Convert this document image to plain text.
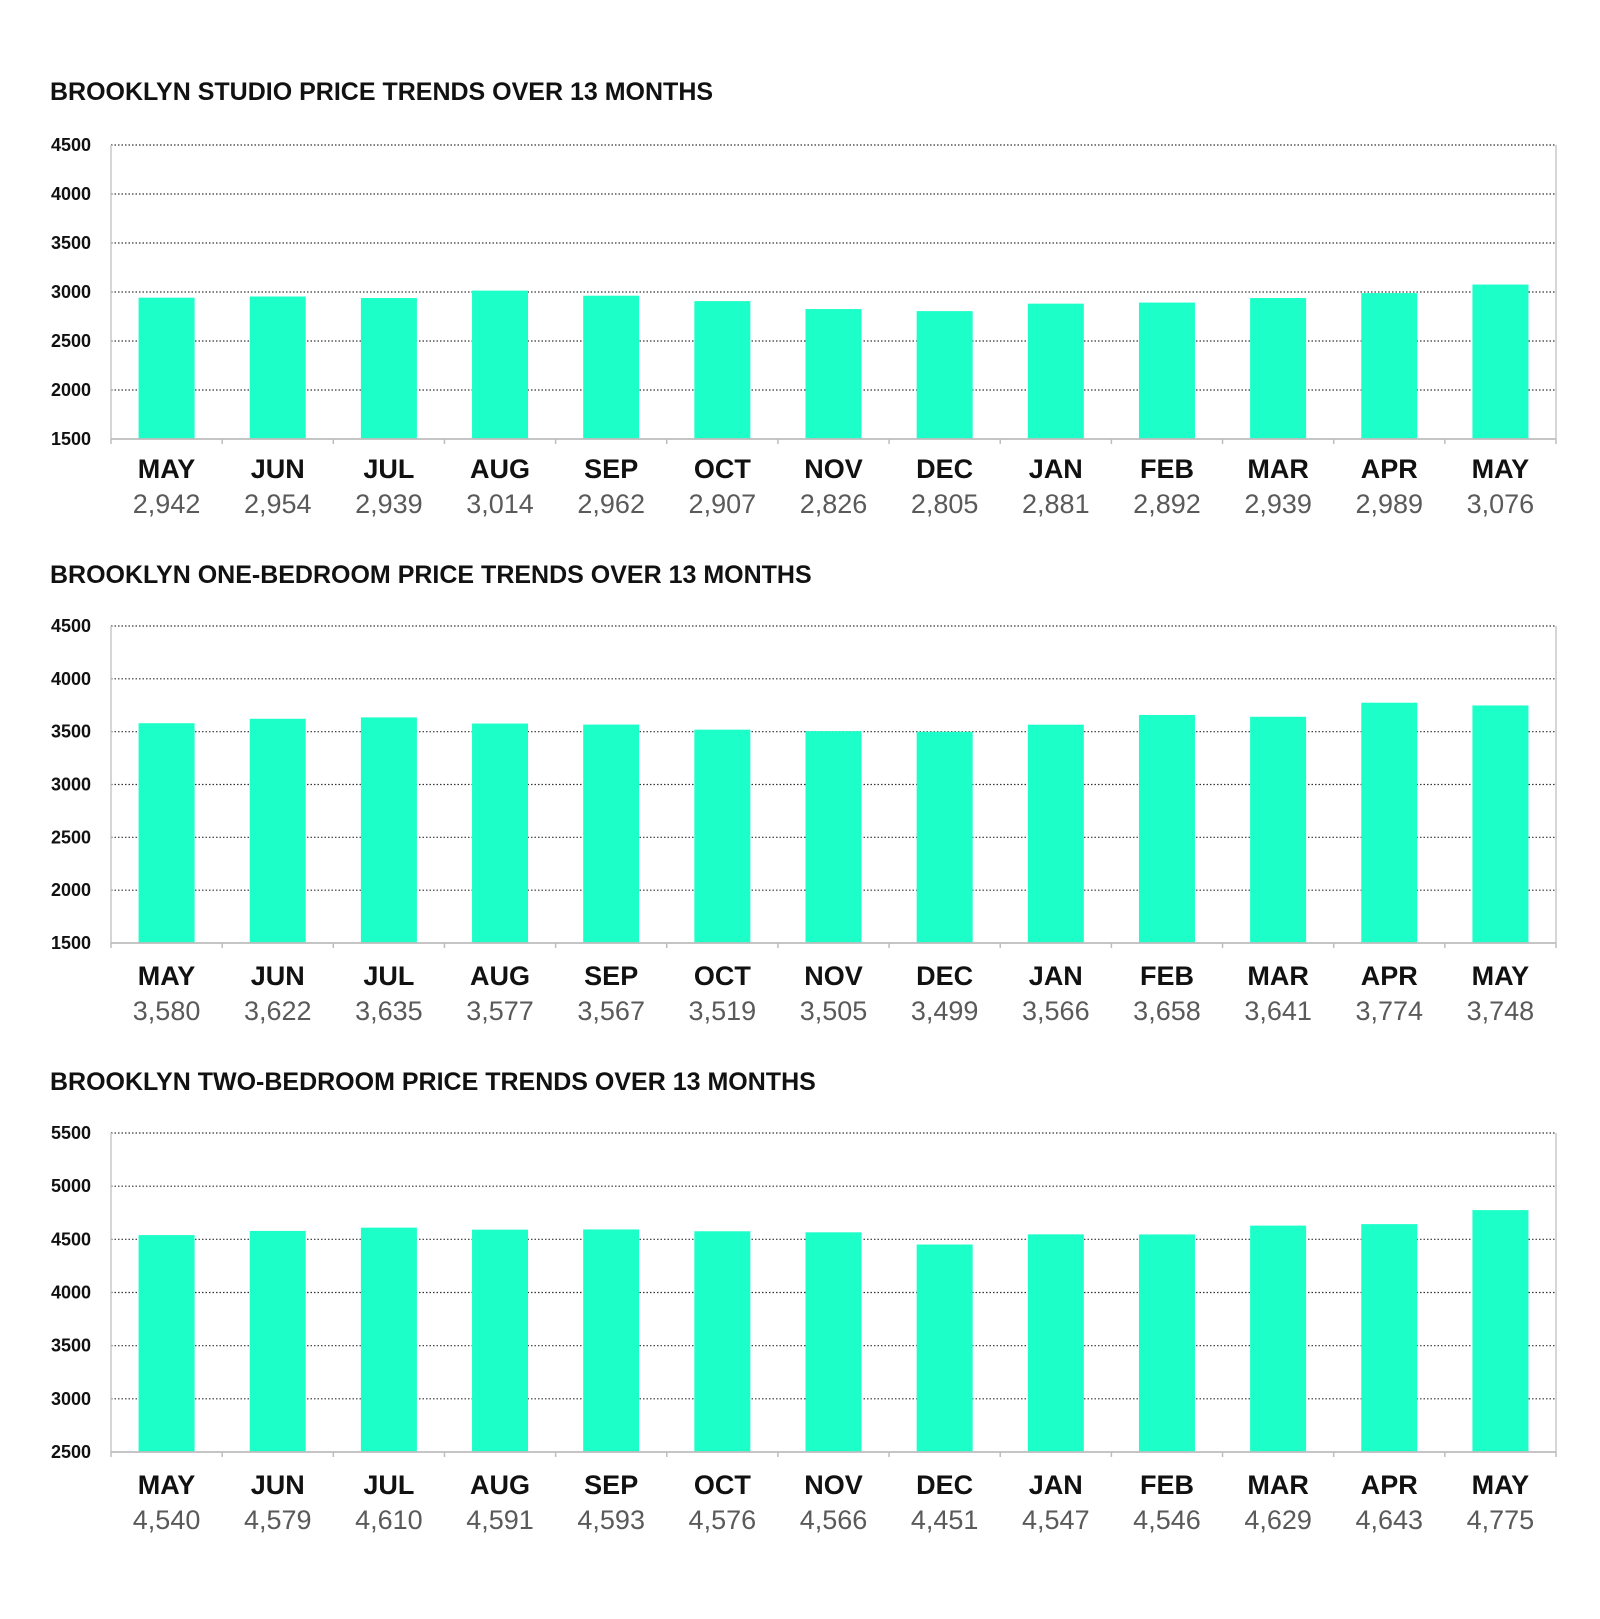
BROOKLYN STUDIO PRICE TRENDS OVER 13 MONTHS
4500
4000
3500
3000
2500
2000
1500
MAY
2,942
JUN
2,954
JUL
2,939
AUG
3,014
SEP
2,962
OCT
2,907
NOV
2,826
DEC
2,805
JAN
2,881
FEB
2,892
MAR
2,939
APR
2,989
MAY
3,076
BROOKLYN ONE-BEDROOM PRICE TRENDS OVER 13 MONTHS
4500
4000
3500
3000
2500
2000
1500
MAY
3,580
JUN
3,622
JUL
3,635
AUG
3,577
SEP
3,567
OCT
3,519
NOV
3,505
DEC
3,499
JAN
3,566
FEB
3,658
MAR
3,641
APR
3,774
MAY
3,748
BROOKLYN TWO-BEDROOM PRICE TRENDS OVER 13 MONTHS
5500
5000
4500
4000
3500
3000
2500
MAY
4,540
JUN
4,579
JUL
4,610
AUG
4,591
SEP
4,593
OCT
4,576
NOV
4,566
DEC
4,451
JAN
4,547
FEB
4,546
MAR
4,629
APR
4,643
MAY
4,775
